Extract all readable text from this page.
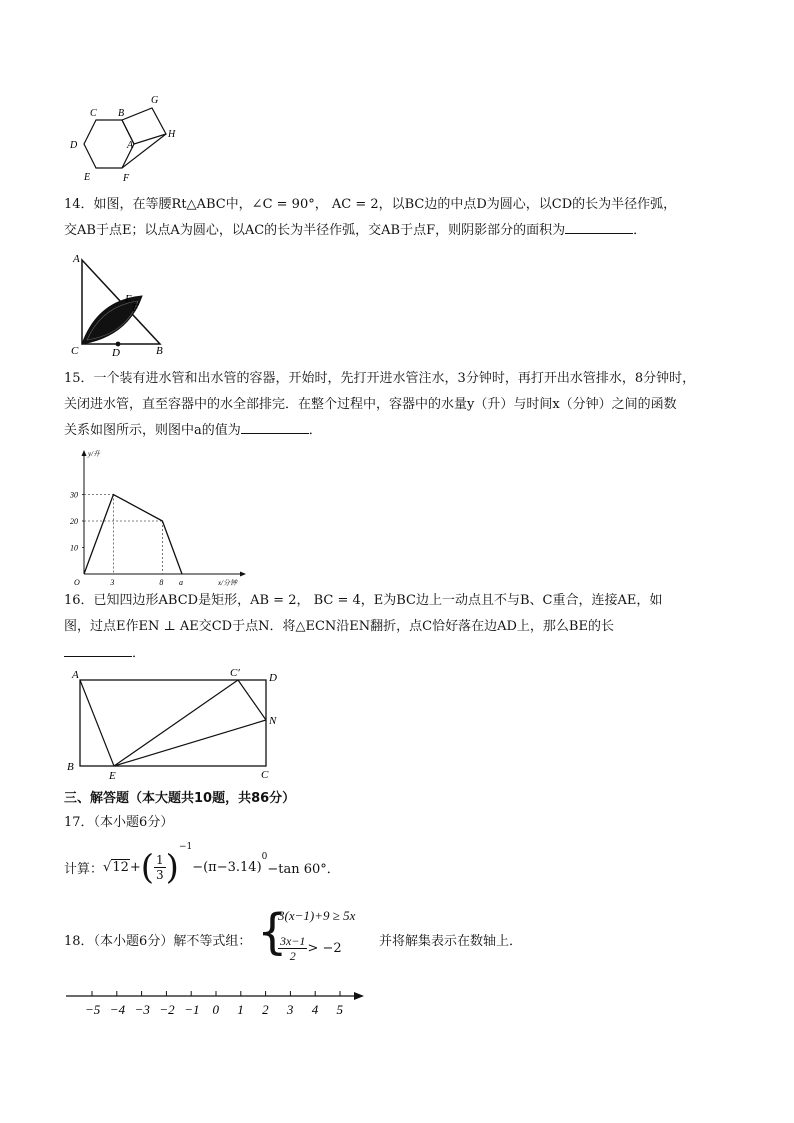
C B
G
D	A
H
E	F
14．如图，在等腰Rt△ABC中，∠C = 90°， AC = 2，以BC边的中点D为圆心，以CD的长为半径作弧，
交AB于点E；以点A为圆心，以AC的长为半径作弧，交AB于点F，则阴影部分的面积为	．
A
E
F
C	D	B
15．一个装有进水管和出水管的容器，开始时，先打开进水管注水，3分钟时，再打开出水管排水，8分钟时，
关闭进水管，直至容器中的水全部排完．在整个过程中，容器中的水量y（升）与时间x（分钟）之间的函数
关系如图所示，则图中a的值为	．
10
20
30
O	3	8 a
y/升
x/分钟
16．已知四边形ABCD是矩形，AB = 2， BC = 4，E为BC边上一动点且不与B、C重合，连接AE，如
图，过点E作EN ⊥ AE交CD于点N．将△ECN沿EN翻折，点C恰好落在边AD上，那么BE的长
．
A	C′	D
N
B
E	C
三、解答题（本大题共10题，共86分）
17．（本小题6分）
计算：$√12+( \frac{1}{3} )^{-1}-(\pi-3.14)^0-\tan$ 60°．
18．（本小题6分）解不等式组： {
3(x−1)+9 ≥ 5x
$\frac{3x-1}{2} > -2$	并将解集表示在数轴上．
−5 −4 −3 −2 −1 0 1 2 3 4 5
